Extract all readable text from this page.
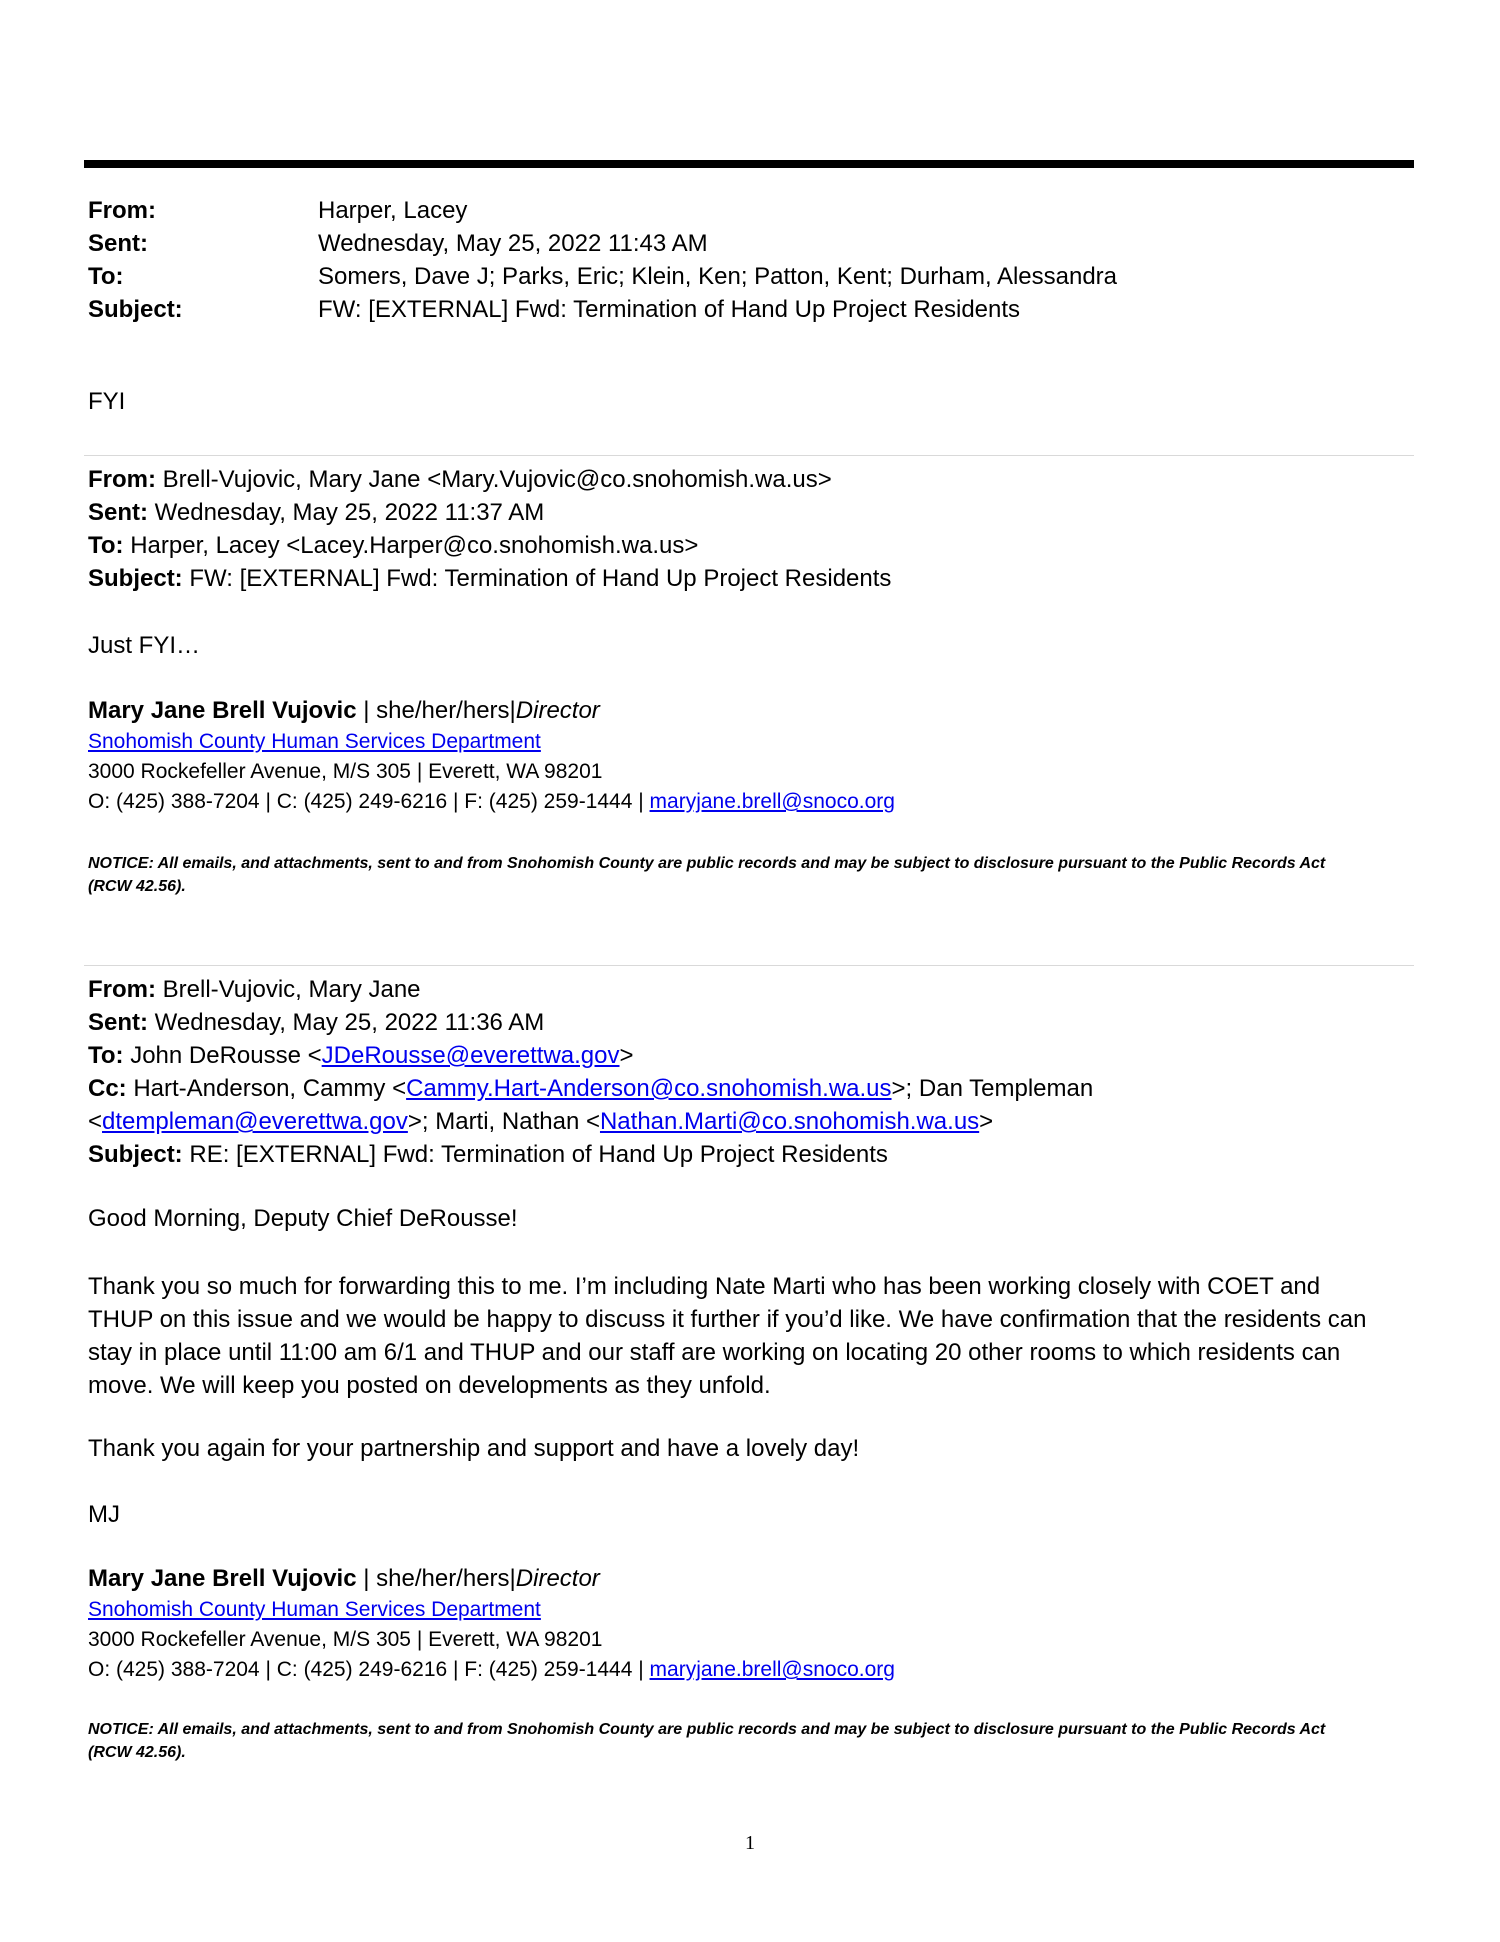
From:	Harper, Lacey
Sent:	Wednesday, May 25, 2022 11:43 AM
To:	Somers, Dave J; Parks, Eric; Klein, Ken; Patton, Kent; Durham, Alessandra
Subject:	FW: [EXTERNAL] Fwd: Termination of Hand Up Project Residents
FYI
From: Brell-Vujovic, Mary Jane <Mary.Vujovic@co.snohomish.wa.us>
Sent: Wednesday, May 25, 2022 11:37 AM
To: Harper, Lacey <Lacey.Harper@co.snohomish.wa.us>
Subject: FW: [EXTERNAL] Fwd: Termination of Hand Up Project Residents
Just FYI…
Mary Jane Brell Vujovic | she/her/hers|Director
Snohomish County Human Services Department
3000 Rockefeller Avenue, M/S 305 | Everett, WA 98201
O: (425) 388-7204 | C: (425) 249-6216 | F: (425) 259-1444 | maryjane.brell@snoco.org
NOTICE: All emails, and attachments, sent to and from Snohomish County are public records and may be subject to disclosure pursuant to the Public Records Act
(RCW 42.56).
From: Brell-Vujovic, Mary Jane
Sent: Wednesday, May 25, 2022 11:36 AM
To: John DeRousse <JDeRousse@everettwa.gov>
Cc: Hart-Anderson, Cammy <Cammy.Hart-Anderson@co.snohomish.wa.us>; Dan Templeman
<dtempleman@everettwa.gov>; Marti, Nathan <Nathan.Marti@co.snohomish.wa.us>
Subject: RE: [EXTERNAL] Fwd: Termination of Hand Up Project Residents
Good Morning, Deputy Chief DeRousse!
Thank you so much for forwarding this to me. I’m including Nate Marti who has been working closely with COET and
THUP on this issue and we would be happy to discuss it further if you’d like. We have confirmation that the residents can
stay in place until 11:00 am 6/1 and THUP and our staff are working on locating 20 other rooms to which residents can
move. We will keep you posted on developments as they unfold.
Thank you again for your partnership and support and have a lovely day!
MJ
Mary Jane Brell Vujovic | she/her/hers|Director
Snohomish County Human Services Department
3000 Rockefeller Avenue, M/S 305 | Everett, WA 98201
O: (425) 388-7204 | C: (425) 249-6216 | F: (425) 259-1444 | maryjane.brell@snoco.org
NOTICE: All emails, and attachments, sent to and from Snohomish County are public records and may be subject to disclosure pursuant to the Public Records Act
(RCW 42.56).
1
